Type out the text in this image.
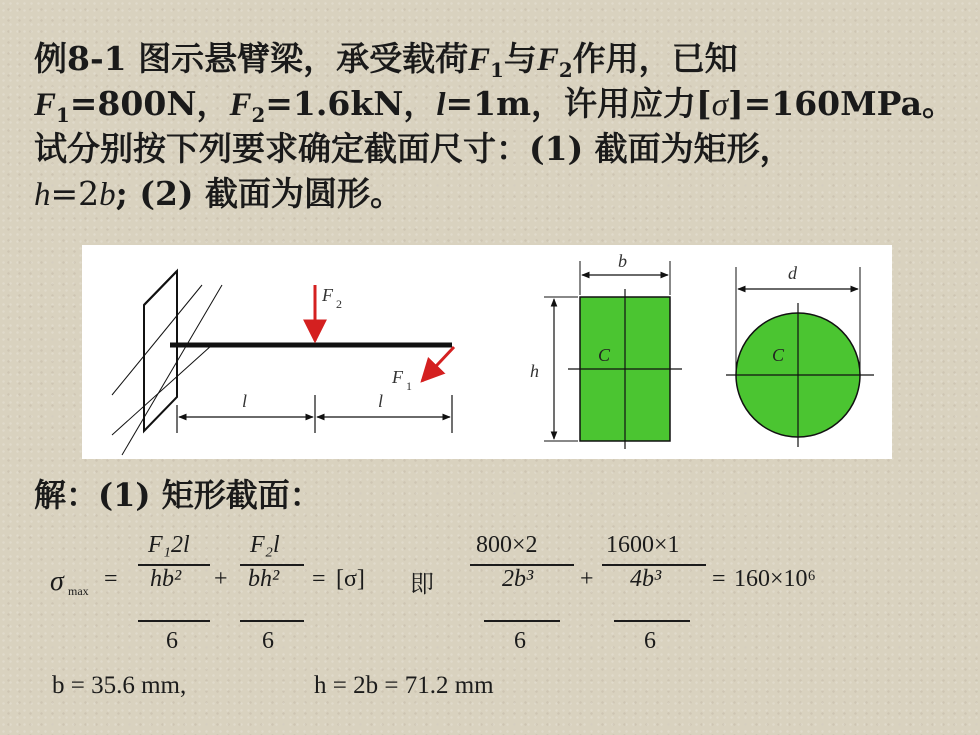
例8-1 图示悬臂梁，承受载荷$F_1$与$F_2$作用，已知
$F_1=800N$，$F_2=1.6kN$，l=1m，许用应力[σ]=160MPa。
试分别按下列要求确定截面尺寸：(1) 截面为矩形，
h=2b; (2) 截面为圆形。
F 2
F 1
l	l
b
h
C
d
C
解：(1) 矩形截面：
σ max =
F₁2l
hb²
6
+
F₂l
bh²
6
= [σ] 即
800×2
2b³
6
+
1600×1
4b³
6
= 160×10⁶
b = 35.6 mm,	h = 2b = 71.2 mm
